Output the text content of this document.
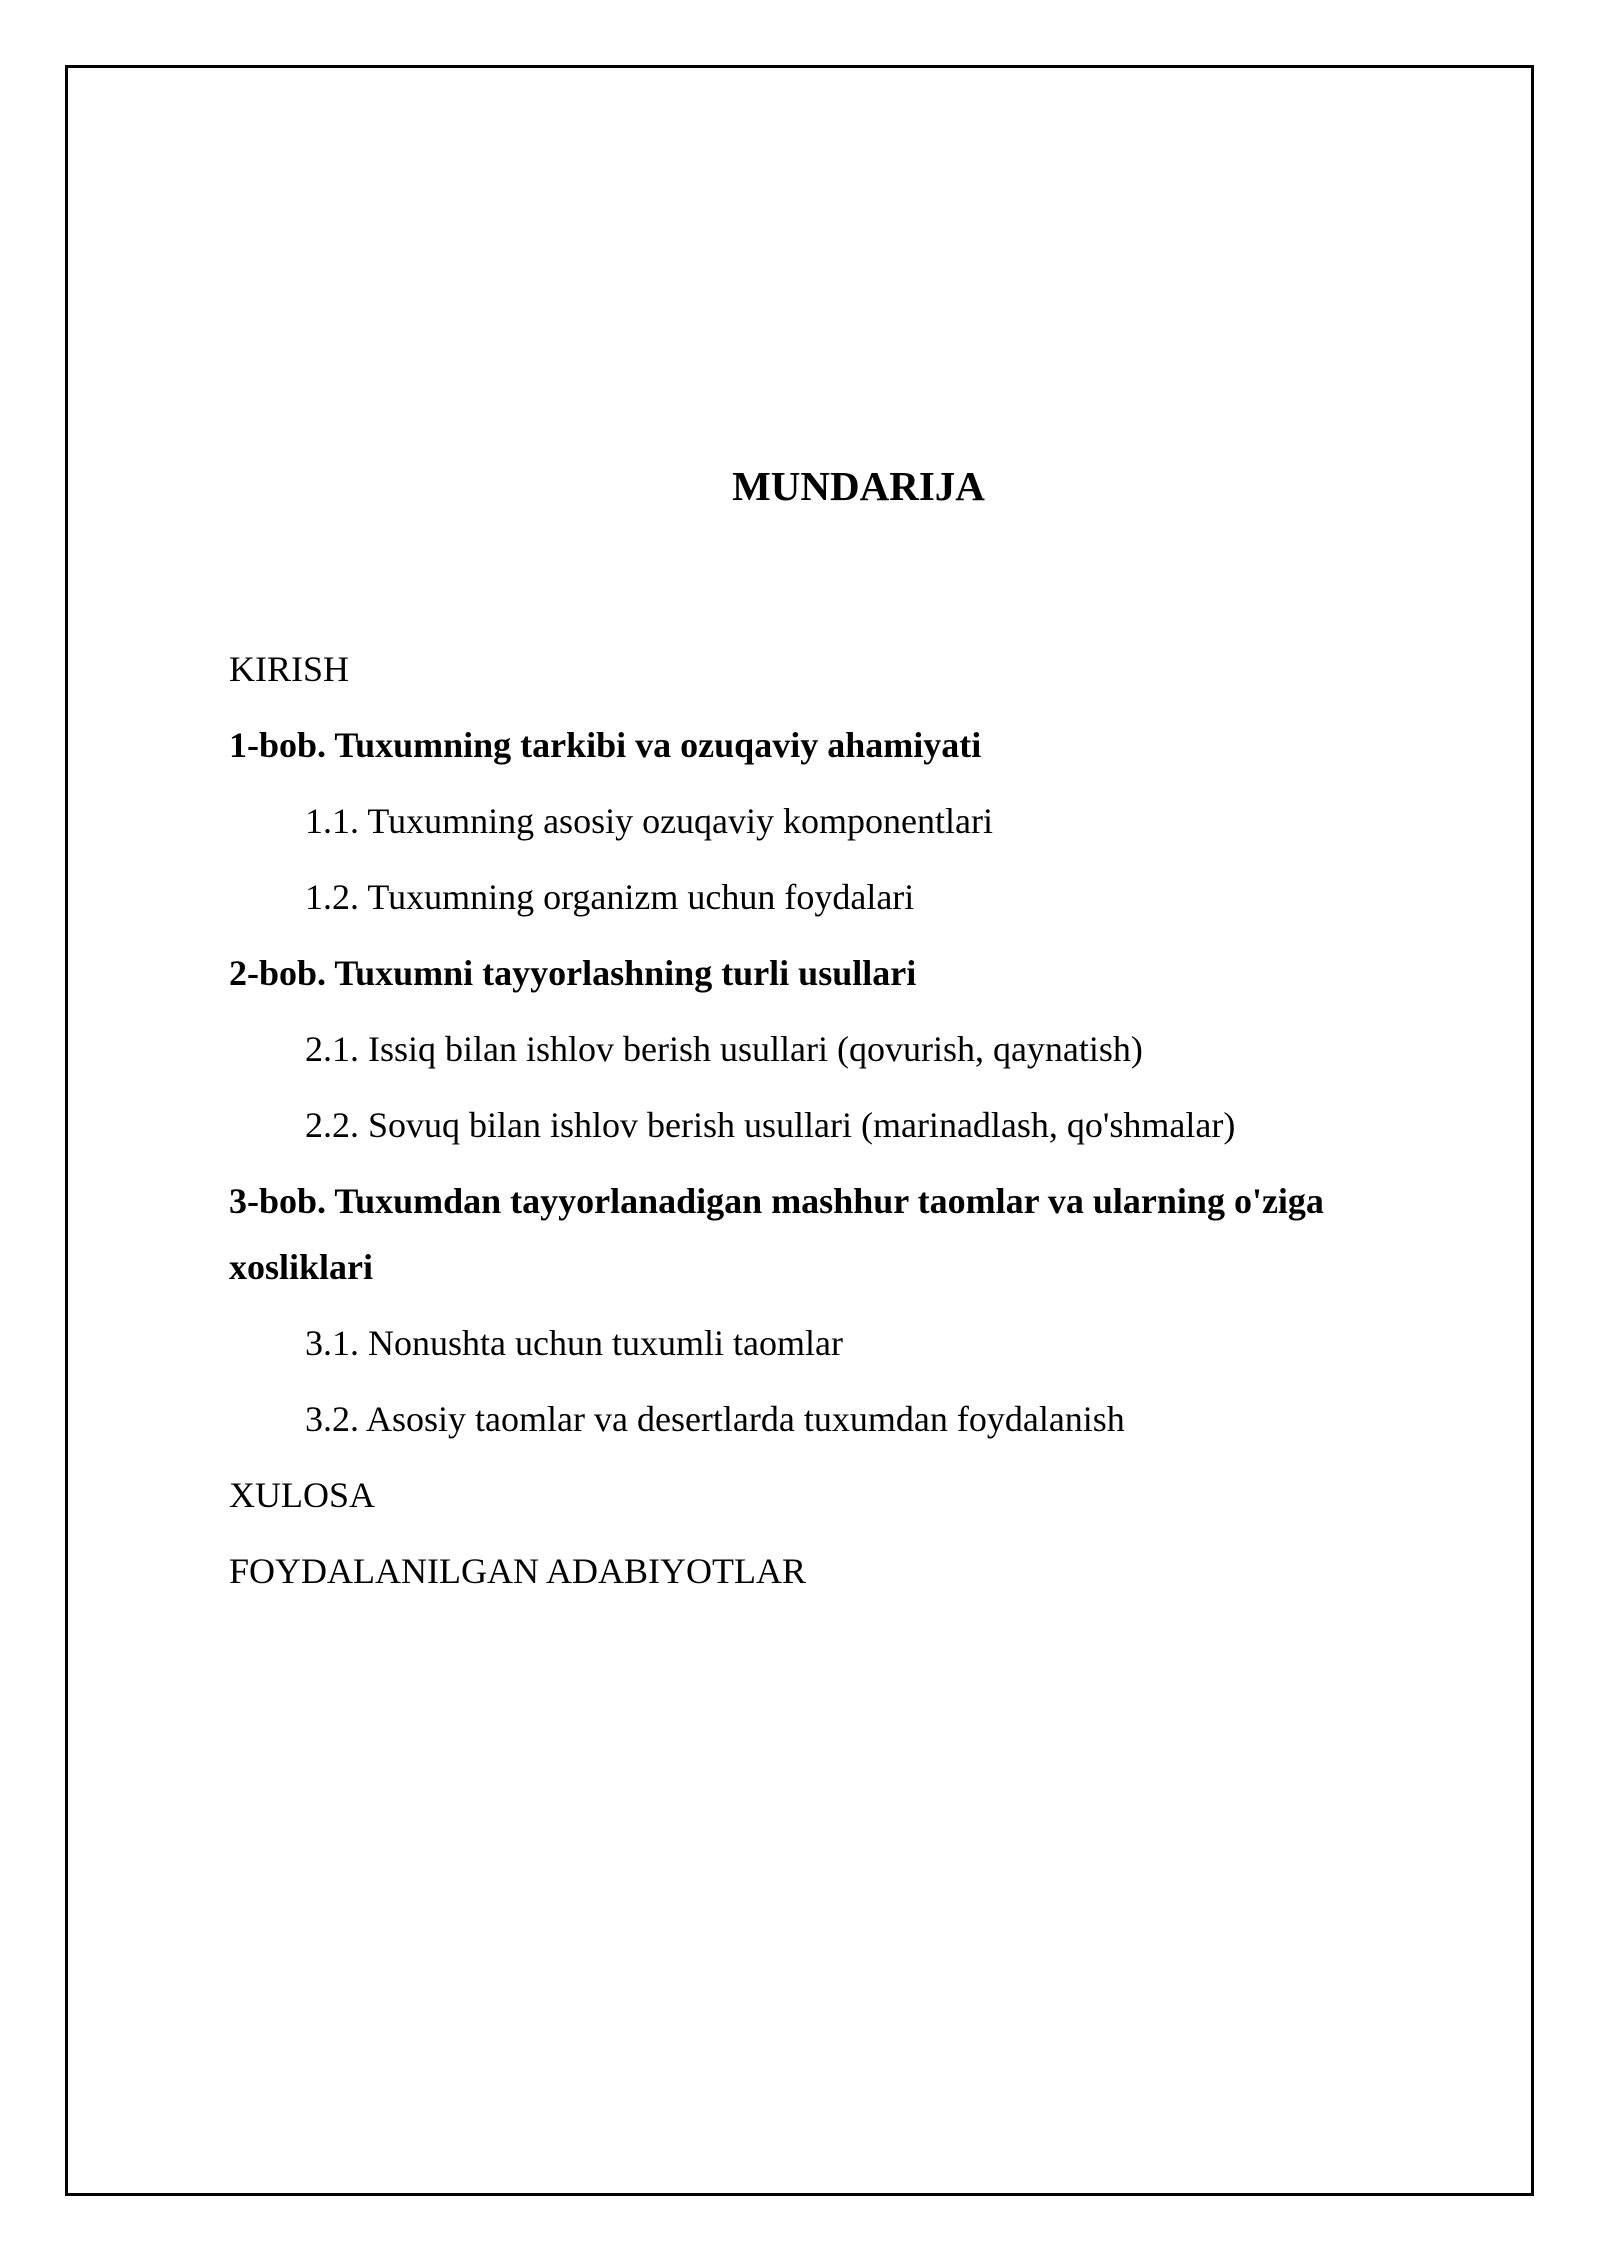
MUNDARIJA
KIRISH
1-bob. Tuxumning tarkibi va ozuqaviy ahamiyati
1.1. Tuxumning asosiy ozuqaviy komponentlari
1.2. Tuxumning organizm uchun foydalari
2-bob. Tuxumni tayyorlashning turli usullari
2.1. Issiq bilan ishlov berish usullari (qovurish, qaynatish)
2.2. Sovuq bilan ishlov berish usullari (marinadlash, qo'shmalar)
3-bob. Tuxumdan tayyorlanadigan mashhur taomlar va ularning o'ziga xosliklari
3.1. Nonushta uchun tuxumli taomlar
3.2. Asosiy taomlar va desertlarda tuxumdan foydalanish
XULOSA
FOYDALANILGAN ADABIYOTLAR
